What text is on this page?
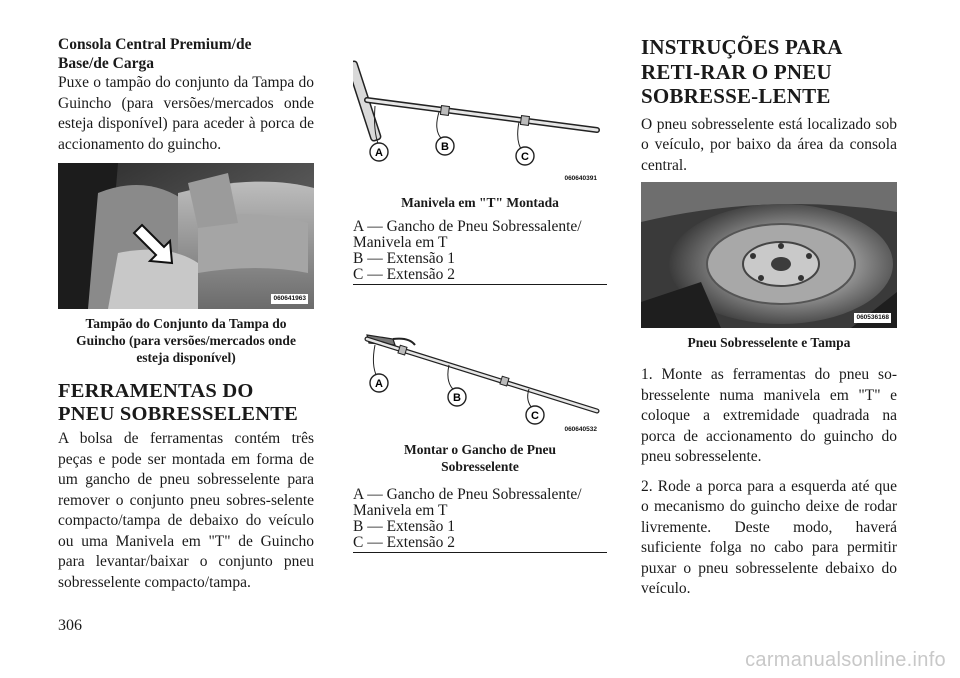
Consola Central Premium/de Base/de Carga

Puxe o tampão do conjunto da Tampa do Guincho (para versões/mercados onde esteja disponível) para aceder à porca de accionamento do guincho.

060641963

Tampão do Conjunto da Tampa do Guincho (para versões/mercados onde esteja disponível)

FERRAMENTAS DO PNEU SOBRESSELENTE

A bolsa de ferramentas contém três peças e pode ser montada em forma de um gancho de pneu sobresselente para remover o conjunto pneu sobres-selente compacto/tampa de debaixo do veículo ou uma Manivela em "T" de Guincho para levantar/baixar o conjunto pneu sobresselente compacto/tampa.

A	B
C
060640391

Manivela em "T" Montada

A — Gancho de Pneu Sobressalente/ Manivela em T

B — Extensão 1

C — Extensão 2

A
B
C
060640532

Montar o Gancho de Pneu Sobresselente

A — Gancho de Pneu Sobressalente/ Manivela em T

B — Extensão 1

C — Extensão 2

INSTRUÇÕES PARA RETI-RAR O PNEU SOBRESSE-LENTE

O pneu sobresselente está localizado sob o veículo, por baixo da área da consola central.

060536168

Pneu Sobresselente e Tampa

1. Monte as ferramentas do pneu so-bresselente numa manivela em "T" e coloque a extremidade quadrada na porca de accionamento do guincho do pneu sobresselente.
2. Rode a porca para a esquerda até que o mecanismo do guincho deixe de rodar livremente. Deste modo, haverá suficiente folga no cabo para permitir puxar o pneu sobresselente debaixo do veículo.

306

carmanualsonline.info
